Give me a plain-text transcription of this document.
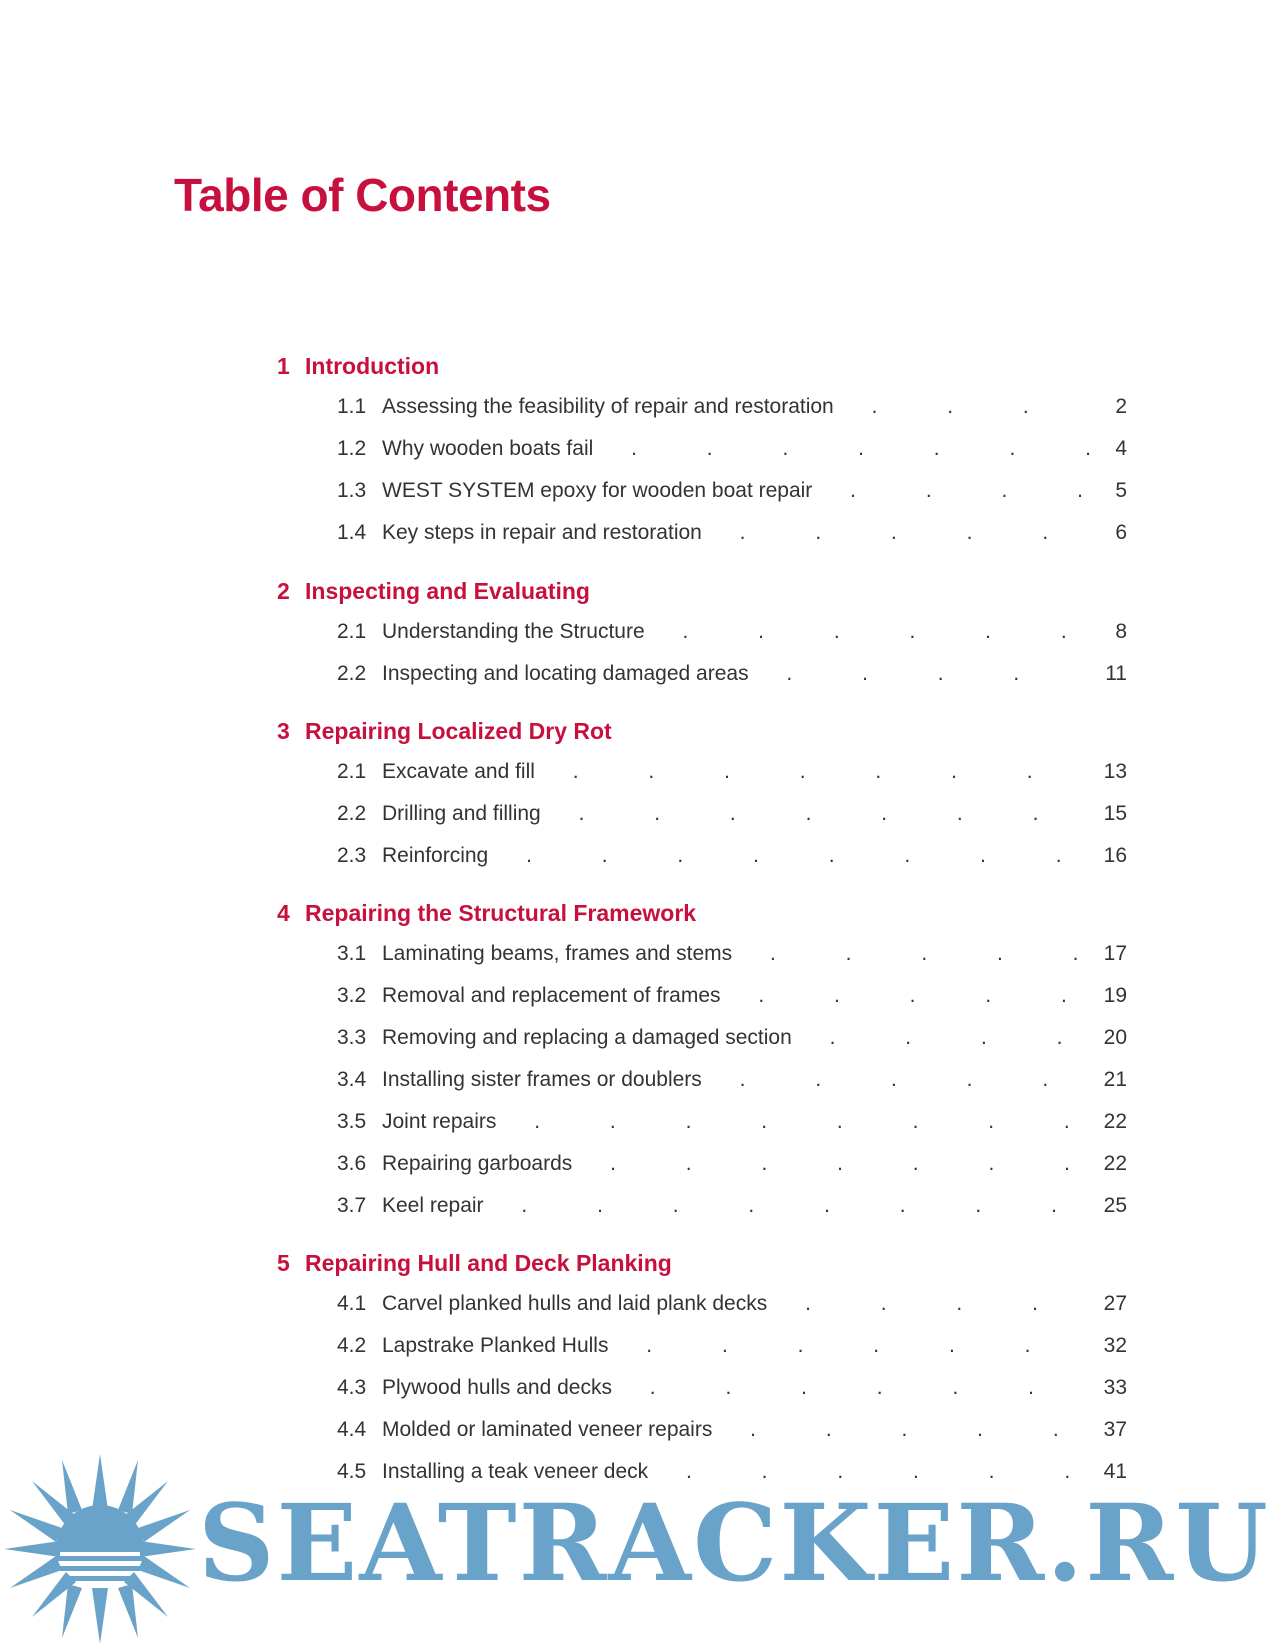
Table of Contents
1 Introduction
1.1 Assessing the feasibility of repair and restoration . . .	2
1.2 Why wooden boats fail . . .	4
1.3 WEST SYSTEM epoxy for wooden boat repair . . .	5
1.4 Key steps in repair and restoration . . .	6
2 Inspecting and Evaluating
2.1 Understanding the Structure . . .	8
2.2 Inspecting and locating damaged areas . . .	11
3 Repairing Localized Dry Rot
2.1 Excavate and fill . . .	13
2.2 Drilling and filling . . .	15
2.3 Reinforcing . . .	16
4 Repairing the Structural Framework
3.1 Laminating beams, frames and stems . . .	17
3.2 Removal and replacement of frames . . .	19
3.3 Removing and replacing a damaged section . . .	20
3.4 Installing sister frames or doublers . . .	21
3.5 Joint repairs . . .	22
3.6 Repairing garboards . . .	22
3.7 Keel repair . . .	25
5 Repairing Hull and Deck Planking
4.1 Carvel planked hulls and laid plank decks . . .	27
4.2 Lapstrake Planked Hulls . . .	32
4.3 Plywood hulls and decks . . .	33
4.4 Molded or laminated veneer repairs . . .	37
4.5 Installing a teak veneer deck . . .	41
SEATRACKER.RU
